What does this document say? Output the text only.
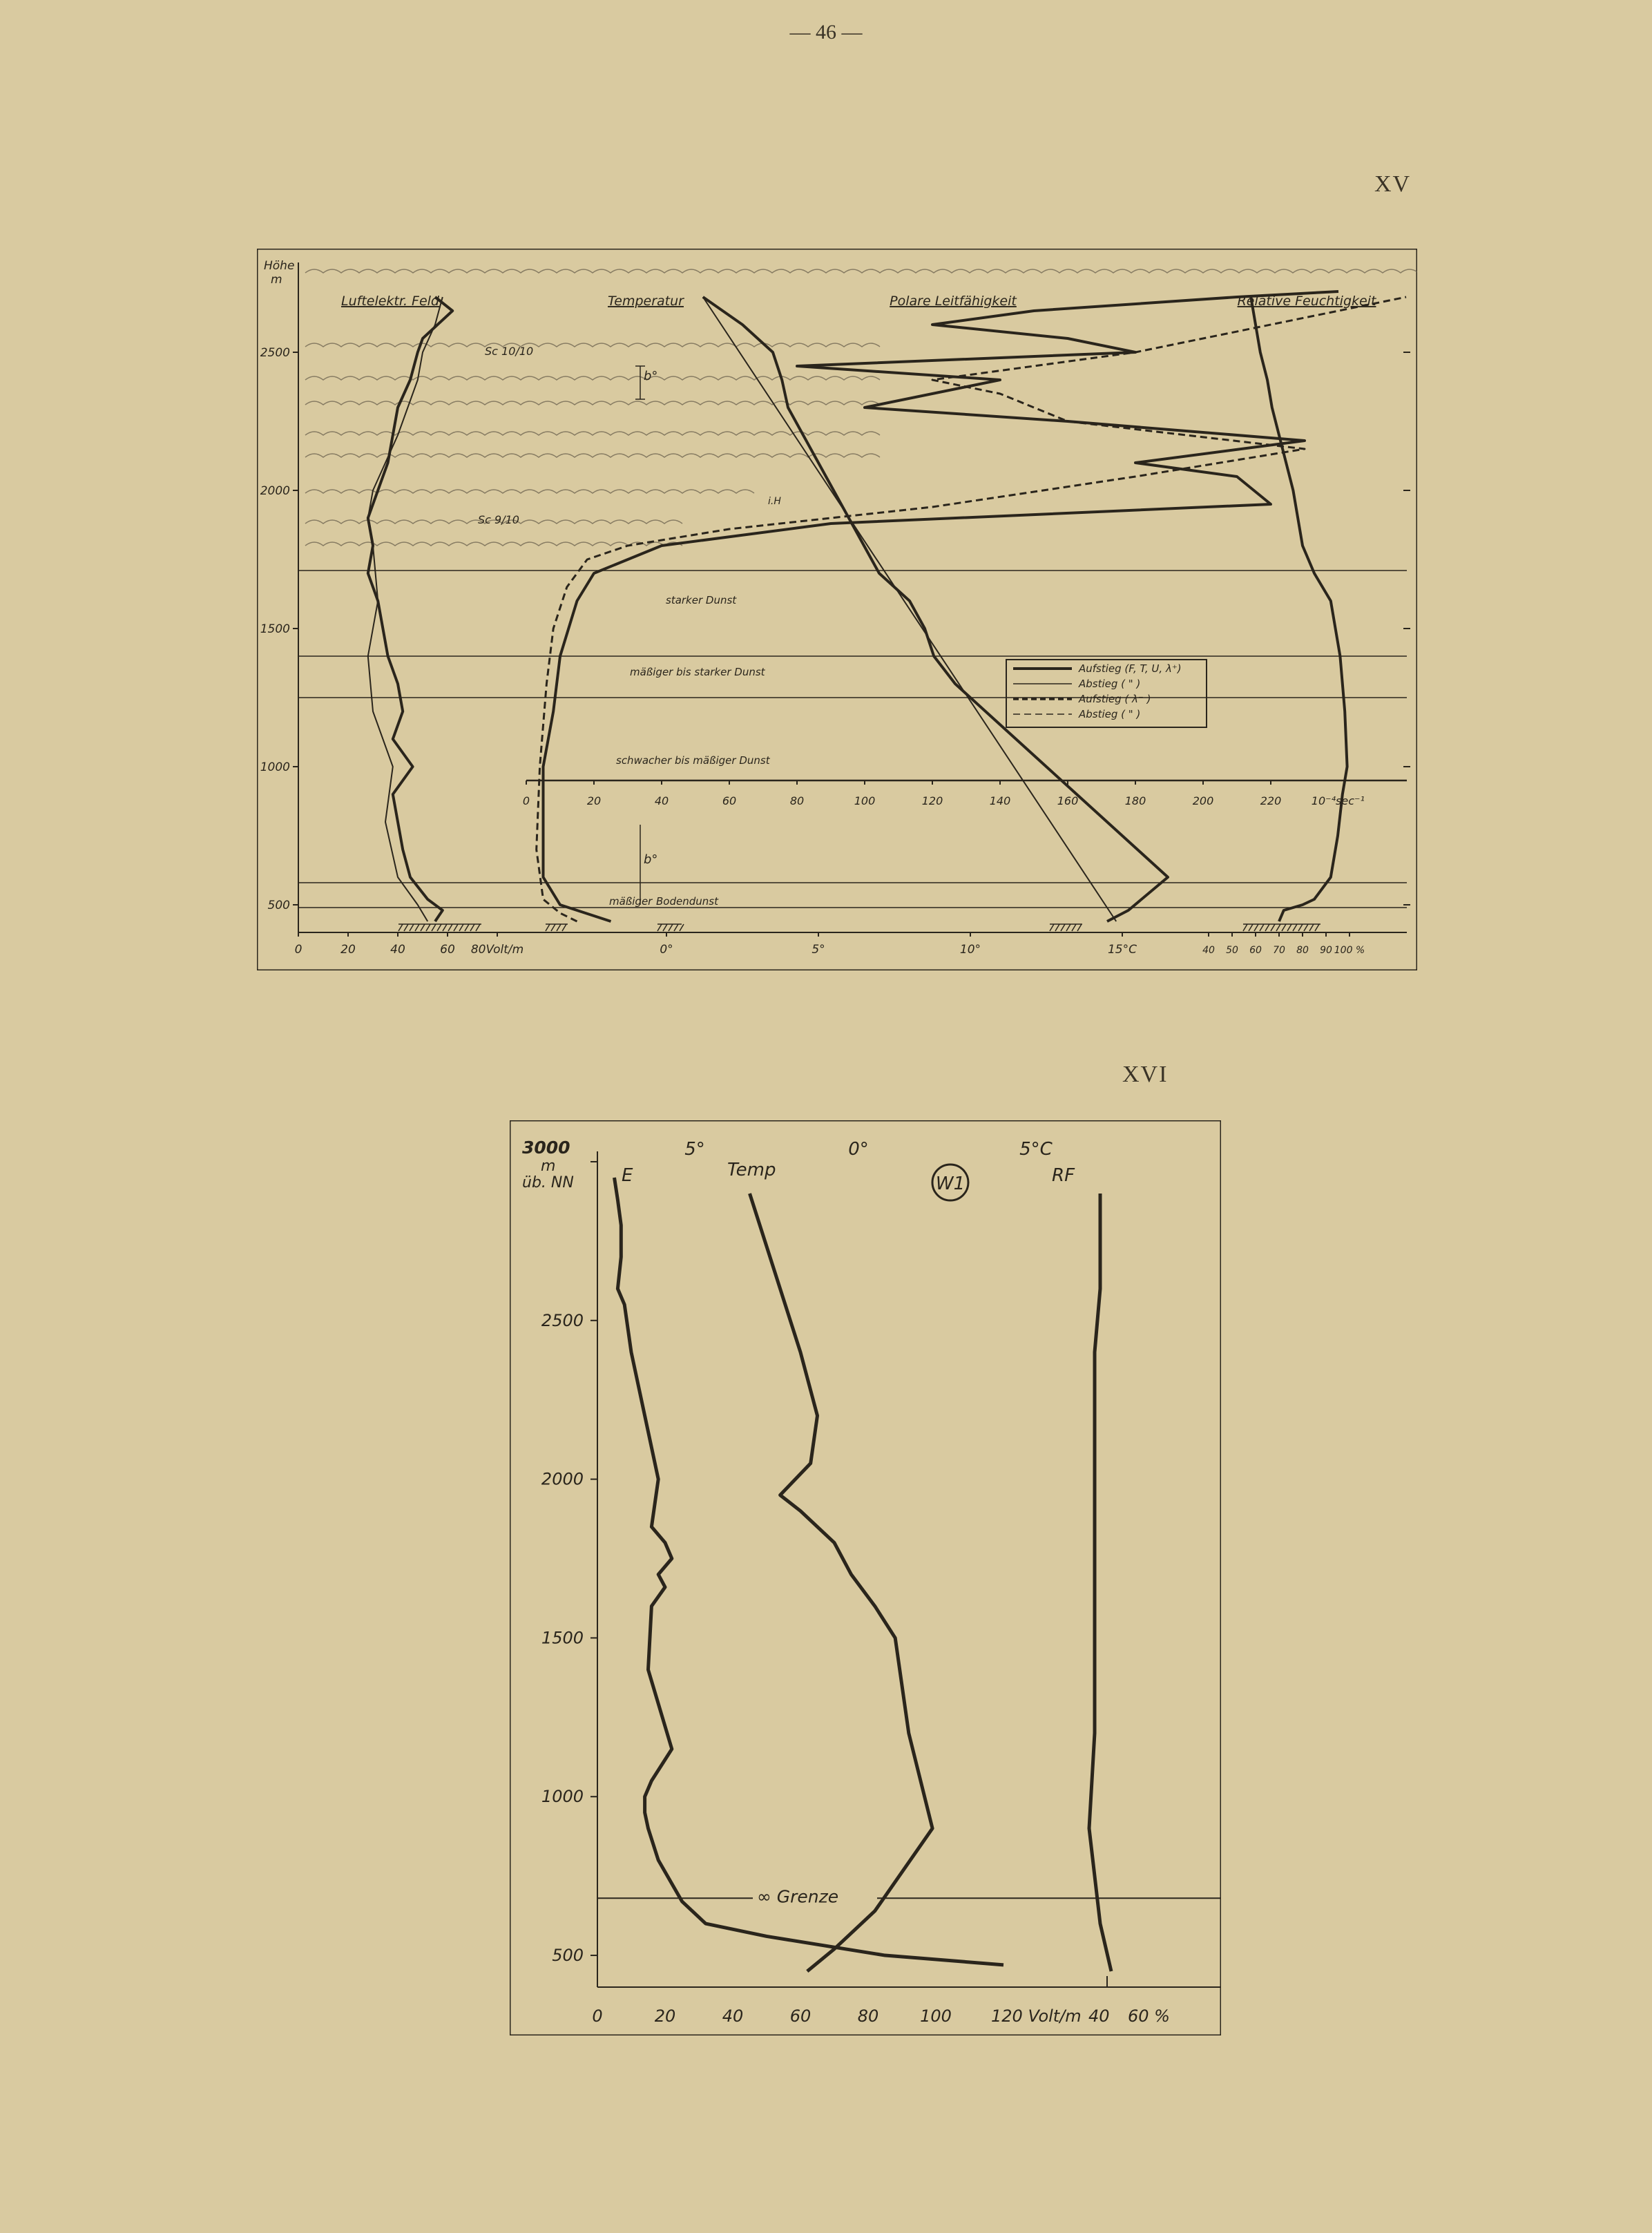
— 46 —
XV
XVI
500
1000
1500
2000
2500
Höhe
m
Luftelektr. Feld	Temperatur	Polare Leitfähigkeit	Relative Feuchtigkeit
0	20	40	60 80Volt/m	0°	5°	10°	15°C
0	20	40	60	80	100	120	140	160	180	200	220	10⁻⁴sec⁻¹
40 50 60 70 80 90 100 %
Sc 10/10
Sc 9/10
b°
b°
i.H
starker Dunst
mäßiger bis starker Dunst
schwacher bis mäßiger Dunst
mäßiger Bodendunst
Aufstieg (F, T, U, λ⁺)
Abstieg ( " )
Aufstieg ( λ⁻ )
Abstieg ( " )
500
1000
1500
2000
2500
3000
m
üb. NN
0	20	40	60	80 100 120 Volt/m 40 60 %
5°	0°	5°C
E	Temp	RF
W1
∞ Grenze
